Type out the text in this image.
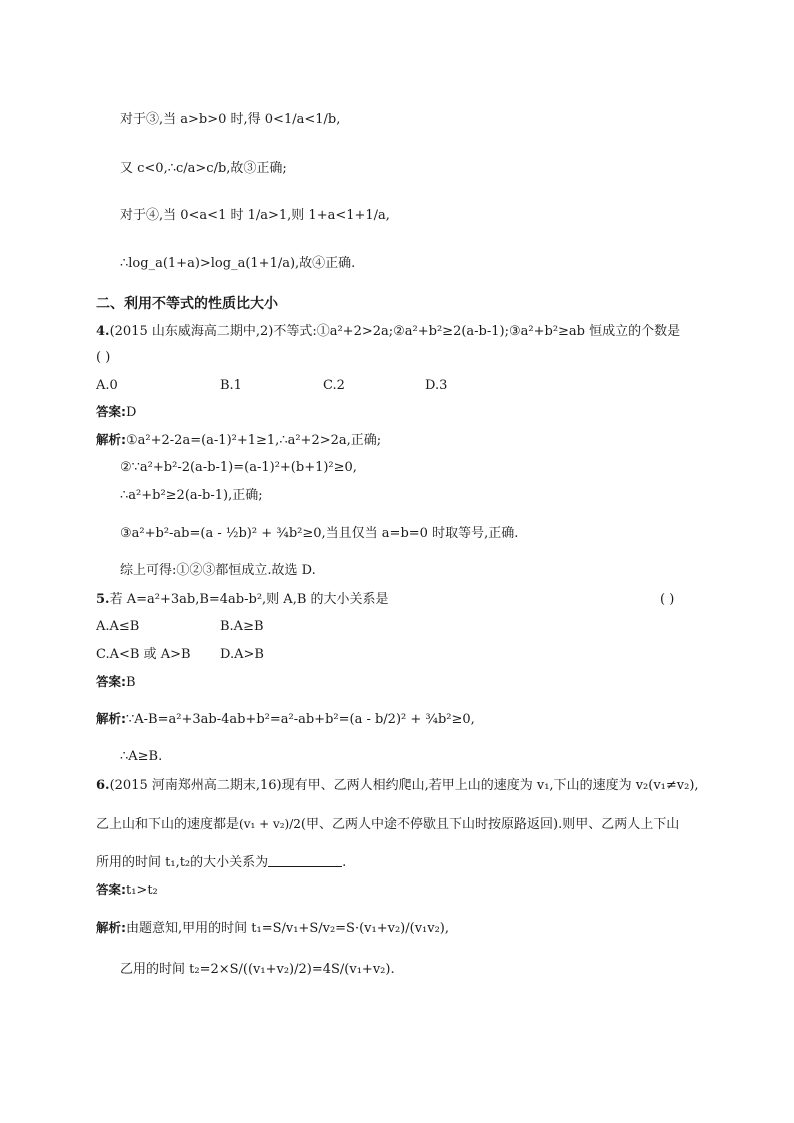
对于③,当 a>b>0 时,得 0<1/a<1/b,
又 c<0,∴c/a>c/b,故③正确;
对于④,当 0<a<1 时 1/a>1,则 1+a<1+1/a,
∴log_a(1+a)>log_a(1+1/a),故④正确.
二、利用不等式的性质比大小
4.(2015 山东威海高二期中,2)不等式:①a²+2>2a;②a²+b²≥2(a-b-1);③a²+b²≥ab 恒成立的个数是
( )
A.0	B.1	C.2	D.3
答案:D
解析:①a²+2-2a=(a-1)²+1≥1,∴a²+2>2a,正确;
②∵a²+b²-2(a-b-1)=(a-1)²+(b+1)²≥0,
∴a²+b²≥2(a-b-1),正确;
③a²+b²-ab=(a - ½b)² + ¾b²≥0,当且仅当 a=b=0 时取等号,正确.
综上可得:①②③都恒成立.故选 D.
5.若 A=a²+3ab,B=4ab-b²,则 A,B 的大小关系是	( )
A.A≤B	B.A≥B
C.A<B 或 A>B D.A>B
答案:B
解析:∵A-B=a²+3ab-4ab+b²=a²-ab+b²=(a - b/2)² + ¾b²≥0,
∴A≥B.
6.(2015 河南郑州高二期末,16)现有甲、乙两人相约爬山,若甲上山的速度为 v₁,下山的速度为 v₂(v₁≠v₂),
乙上山和下山的速度都是(v₁ + v₂)/2(甲、乙两人中途不停歇且下山时按原路返回).则甲、乙两人上下山
所用的时间 t₁,t₂的大小关系为	.
答案:t₁>t₂
解析:由题意知,甲用的时间 t₁=S/v₁+S/v₂=S·(v₁+v₂)/(v₁v₂),
乙用的时间 t₂=2×S/((v₁+v₂)/2)=4S/(v₁+v₂).
